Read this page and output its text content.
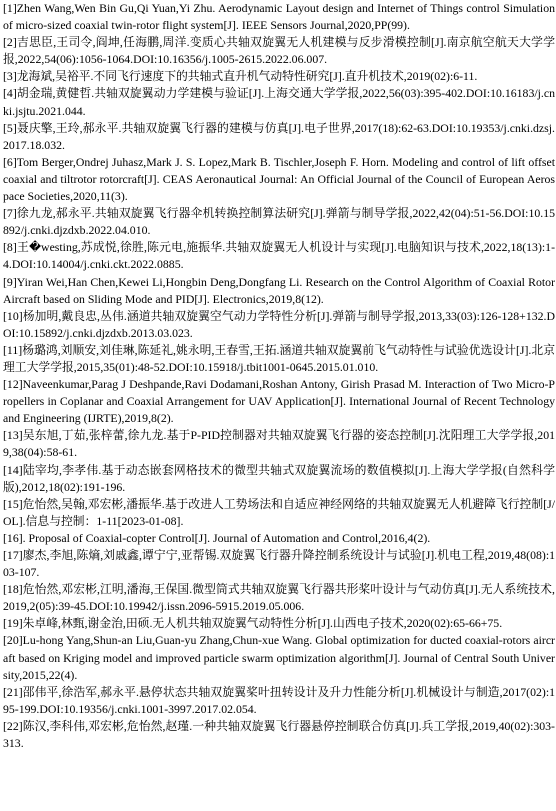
[1]Zhen Wang,Wen Bin Gu,Qi Yuan,Yi Zhu. Aerodynamic Layout design and Internet of Things control Simulation of micro-sized coaxial twin-rotor flight system[J]. IEEE Sensors Journal,2020,PP(99).

[2]吉思臣,王司令,阎坤,任海鹏,周洋.变质心共轴双旋翼无人机建模与反步滑模控制[J].南京航空航天大学学报,2022,54(06):1056-1064.DOI:10.16356/j.1005-2615.2022.06.007.

[3]龙海斌,吴裕平.不同飞行速度下的共轴式直升机气动特性研究[J].直升机技术,2019(02):6-11.

[4]胡金瑞,黄健哲.共轴双旋翼动力学建模与验证[J].上海交通大学学报,2022,56(03):395-402.DOI:10.16183/j.cnki.jsjtu.2021.044.

[5]聂庆擎,王玲,郝永平.共轴双旋翼飞行器的建模与仿真[J].电子世界,2017(18):62-63.DOI:10.19353/j.cnki.dzsj.2017.18.032.

[6]Tom Berger,Ondrej Juhasz,Mark J. S. Lopez,Mark B. Tischler,Joseph F. Horn. Modeling and control of lift offset coaxial and tiltrotor rotorcraft[J]. CEAS Aeronautical Journal: An Official Journal of the Council of European Aerospace Societies,2020,11(3).

[7]徐九龙,郝永平.共轴双旋翼飞行器伞机转换控制算法研究[J].弹箭与制导学报,2022,42(04):51-56.DOI:10.15892/j.cnki.djzdxb.2022.04.010.

[8]王�westing,苏成悦,徐胜,陈元电,施振华.共轴双旋翼无人机设计与实现[J].电脑知识与技术,2022,18(13):1-4.DOI:10.14004/j.cnki.ckt.2022.0885.

[9]Yiran Wei,Han Chen,Kewei Li,Hongbin Deng,Dongfang Li. Research on the Control Algorithm of Coaxial Rotor Aircraft based on Sliding Mode and PID[J]. Electronics,2019,8(12).

[10]杨加明,戴良忠,丛伟.涵道共轴双旋翼空气动力学特性分析[J].弹箭与制导学报,2013,33(03):126-128+132.DOI:10.15892/j.cnki.djzdxb.2013.03.023.

[11]杨璐鸿,刘顺安,刘佳琳,陈延礼,姚永明,王春雪,王拓.涵道共轴双旋翼前飞气动特性与试验优选设计[J].北京理工大学学报,2015,35(01):48-52.DOI:10.15918/j.tbit1001-0645.2015.01.010.

[12]Naveenkumar,Parag J Deshpande,Ravi Dodamani,Roshan Antony, Girish Prasad M. Interaction of Two Micro-Propellers in Coplanar and Coaxial Arrangement for UAV Application[J]. International Journal of Recent Technology and Engineering (IJRTE),2019,8(2).

[13]吴东旭,丁茹,张梓蕾,徐九龙.基于P-PID控制器对共轴双旋翼飞行器的姿态控制[J].沈阳理工大学学报,2019,38(04):58-61.

[14]陆宰均,李孝伟.基于动态嵌套网格技术的微型共轴式双旋翼流场的数值模拟[J].上海大学学报(自然科学版),2012,18(02):191-196.

[15]危怡然,吴翰,邓宏彬,潘振华.基于改进人工势场法和自适应神经网络的共轴双旋翼无人机避障飞行控制[J/OL].信息与控制：1-11[2023-01-08].

[16]. Proposal of Coaxial-copter Control[J]. Journal of Automation and Control,2016,4(2).

[17]廖杰,李旭,陈熵,刘戚鑫,谭宁宁,亚帮锡.双旋翼飞行器升降控制系统设计与试验[J].机电工程,2019,48(08):103-107.

[18]危怡然,邓宏彬,江明,潘海,王保国.微型筒式共轴双旋翼飞行器共形桨叶设计与气动仿真[J].无人系统技术,2019,2(05):39-45.DOI:10.19942/j.issn.2096-5915.2019.05.006.

[19]朱卓峰,林甄,谢金治,田硕.无人机共轴双旋翼气动特性分析[J].山西电子技术,2020(02):65-66+75.

[20]Lu-hong Yang,Shun-an Liu,Guan-yu Zhang,Chun-xue Wang. Global optimization for ducted coaxial-rotors aircraft based on Kriging model and improved particle swarm optimization algorithm[J]. Journal of Central South University,2015,22(4).

[21]邵伟平,徐浩军,郝永平.悬停状态共轴双旋翼桨叶扭转设计及升力性能分析[J].机械设计与制造,2017(02):195-199.DOI:10.19356/j.cnki.1001-3997.2017.02.054.

[22]陈汉,李科伟,邓宏彬,危怡然,赵瑾.一种共轴双旋翼飞行器悬停控制联合仿真[J].兵工学报,2019,40(02):303-313.
